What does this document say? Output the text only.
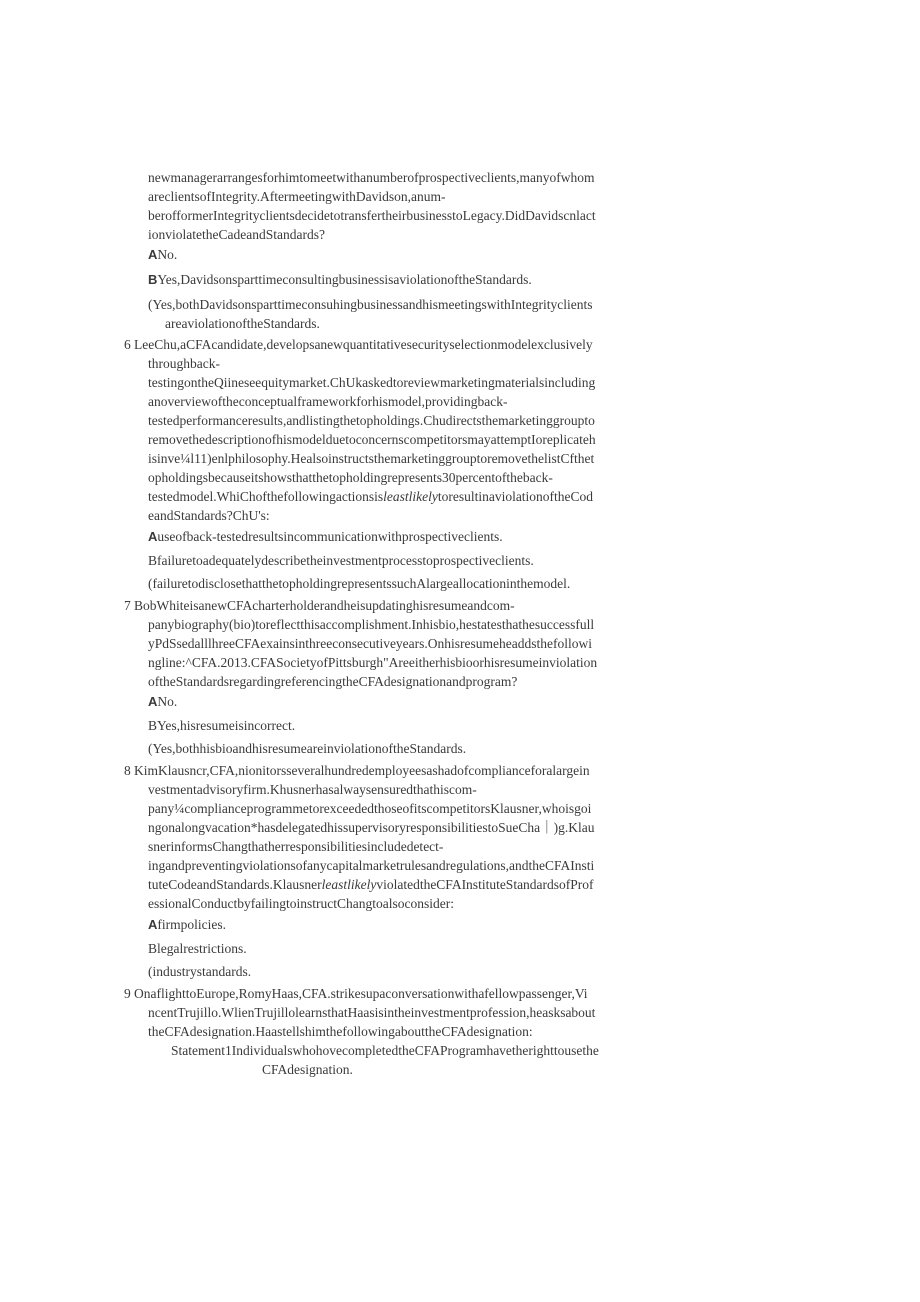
newmanagerarrangesforhimtomeetwithanumberofprospectiveclients,manyofwhom
areclientsofIntegrity.AftermeetingwithDavidson,anum-
berofformerIntegrityclientsdecidetotransfertheirbusinesstoLegacy.DidDavidscnlact
ionviolatetheCadeandStandards?
ANo.
BYes,DavidsonsparttimeconsultingbusinessisaviolationoftheStandards.
(Yes,bothDavidsonsparttimeconsuhingbusinessandhismeetingswithIntegrityclients
areaviolationoftheStandards.
6 LeeChu,aCFAcandidate,developsanewquantitativesecurityselectionmodelexclusively
throughback-
testingontheQiineseequitymarket.ChUkaskedtoreviewmarketingmaterialsincluding
anoverviewoftheconceptualframeworkforhismodel,providingback-
testedperformanceresults,andlistingthetopholdings.Chudirectsthemarketinggroupto
removethedescriptionofhismodelduetoconcernscompetitorsmayattemptIoreplicateh
isinve¼l11)enlphilosophy.HealsoinstructsthemarketinggrouptoremovethelistCfthet
opholdingsbecauseitshowsthatthetopholdingrepresents30percentoftheback-
testedmodel.WhiChofthefollowingactionsisleastlikelytoresultinaviolationoftheCod
eandStandards?ChU's:
Auseofback-testedresultsincommunicationwithprospectiveclients.
Bfailuretoadequatelydescribetheinvestmentprocesstoprospectiveclients.
(failuretodisclosethatthetopholdingrepresentssuchAlargeallocationinthemodel.
7 BobWhiteisanewCFAcharterholderandheisupdatinghisresumeandcom-
panybiography(bio)toreflectthisaccomplishment.Inhisbio,hestatesthathesuccessfull
yPdSsedalllhreeCFAexainsinthreeconsecutiveyears.Onhisresumeheaddsthefollowi
ngline:^CFA.2013.CFASocietyofPittsburgh"Areeitherhisbioorhisresumeinviolation
oftheStandardsregardingreferencingtheCFAdesignationandprogram?
ANo.
BYes,hisresumeisincorrect.
(Yes,bothhisbioandhisresumeareinviolationoftheStandards.
8 KimKlausncr,CFA,nionitorsseveralhundredemployeesashadofcomplianceforalargein
vestmentadvisoryfirm.Khusnerhasalwaysensuredthathiscom-
pany¼complianceprogrammetorexceededthoseofitscompetitorsKlausner,whoisgoi
ngonalongvacation*hasdelegatedhissupervisoryresponsibilitiestoSueCha｜)g.Klau
snerinformsChangthatherresponsibilitiesincludedetect-
ingandpreventingviolationsofanycapitalmarketrulesandregulations,andtheCFAInsti
tuteCodeandStandards.KlausnerleastlikelyviolatedtheCFAInstituteStandardsofProf
essionalConductbyfailingtoinstructChangtoalsoconsider:
Afirmpolicies.
Blegalrestrictions.
(industrystandards.
9 OnaflighttoEurope,RomyHaas,CFA.strikesupaconversationwithafellowpassenger,Vi
ncentTrujillo.WlienTrujillolearnsthatHaasisintheinvestmentprofession,heasksabout
theCFAdesignation.HaastellshimthefollowingabouttheCFAdesignation:
Statement1IndividualswhohovecompletedtheCFAProgramhavetherighttousethe
CFAdesignation.
